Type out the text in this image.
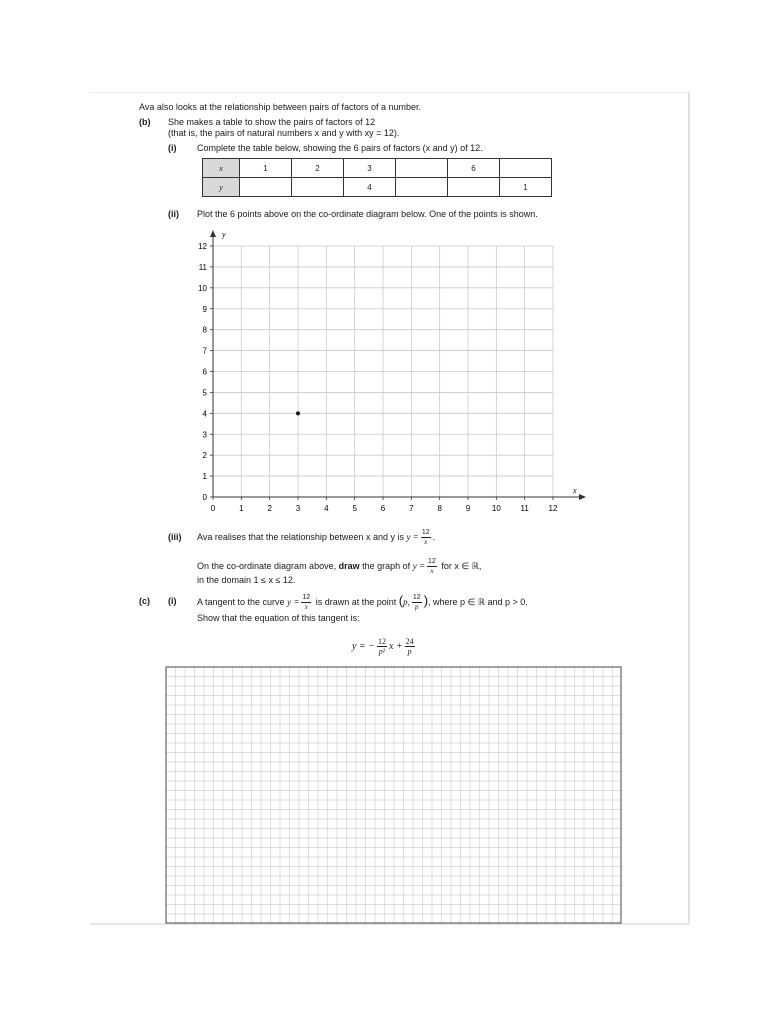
Ava also looks at the relationship between pairs of factors of a number.
(b) She makes a table to show the pairs of factors of 12
(that is, the pairs of natural numbers x and y with xy = 12).
(i) Complete the table below, showing the 6 pairs of factors (x and y) of 12.
x	1	2	3		6	
y			4			1
(ii) Plot the 6 points above on the co-ordinate diagram below. One of the points is shown.
0	1	2	3	4	5	6	7	8	9	10 11 12
0
1
2
3
4
5
6
7
8
9
10
11
12
y
x
(iii) Ava realises that the relationship between x and y is $y = \frac{12}{x}$ .
On the co-ordinate diagram above, draw the graph of $y = \frac{12}{x}$ for x ∈ ℝ,
in the domain 1 ≤ x ≤ 12.
(c) (i) A tangent to the curve $y = \frac{12}{x}$ is drawn at the point (p, $\frac{12}{p}$ ), where p ∈ ℝ and p > 0.
Show that the equation of this tangent is:
y = − $\frac{12}{\text{p²}}$ $x + \frac{24}{p}$
